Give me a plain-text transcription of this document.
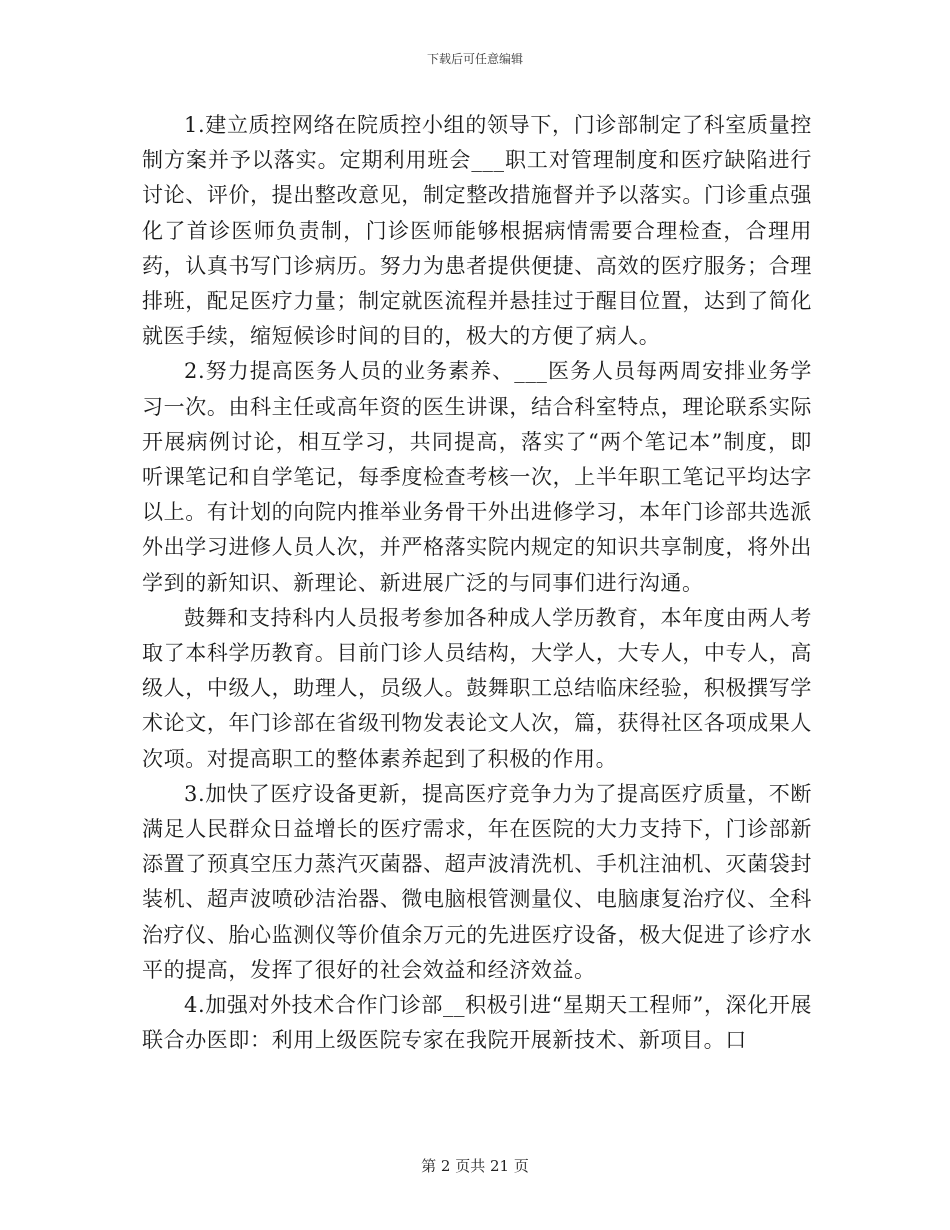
下载后可任意编辑

1.建立质控网络在院质控小组的领导下，门诊部制定了科室质量控制方案并予以落实。定期利用班会___职工对管理制度和医疗缺陷进行讨论、评价，提出整改意见，制定整改措施督并予以落实。门诊重点强化了首诊医师负责制，门诊医师能够根据病情需要合理检查，合理用药，认真书写门诊病历。努力为患者提供便捷、高效的医疗服务；合理排班，配足医疗力量；制定就医流程并悬挂过于醒目位置，达到了简化就医手续，缩短候诊时间的目的，极大的方便了病人。

2.努力提高医务人员的业务素养、___医务人员每两周安排业务学习一次。由科主任或高年资的医生讲课，结合科室特点，理论联系实际开展病例讨论，相互学习，共同提高，落实了“两个笔记本”制度，即听课笔记和自学笔记，每季度检查考核一次，上半年职工笔记平均达字以上。有计划的向院内推举业务骨干外出进修学习，本年门诊部共选派外出学习进修人员人次，并严格落实院内规定的知识共享制度，将外出学到的新知识、新理论、新进展广泛的与同事们进行沟通。

鼓舞和支持科内人员报考参加各种成人学历教育，本年度由两人考取了本科学历教育。目前门诊人员结构，大学人，大专人，中专人，高级人，中级人，助理人，员级人。鼓舞职工总结临床经验，积极撰写学术论文，年门诊部在省级刊物发表论文人次，篇，获得社区各项成果人次项。对提高职工的整体素养起到了积极的作用。

3.加快了医疗设备更新，提高医疗竞争力为了提高医疗质量，不断满足人民群众日益增长的医疗需求，年在医院的大力支持下，门诊部新添置了预真空压力蒸汽灭菌器、超声波清洗机、手机注油机、灭菌袋封装机、超声波喷砂洁治器、微电脑根管测量仪、电脑康复治疗仪、全科治疗仪、胎心监测仪等价值余万元的先进医疗设备，极大促进了诊疗水平的提高，发挥了很好的社会效益和经济效益。

4.加强对外技术合作门诊部__积极引进“星期天工程师”，深化开展联合办医即：利用上级医院专家在我院开展新技术、新项目。口

第 2 页共 21 页
